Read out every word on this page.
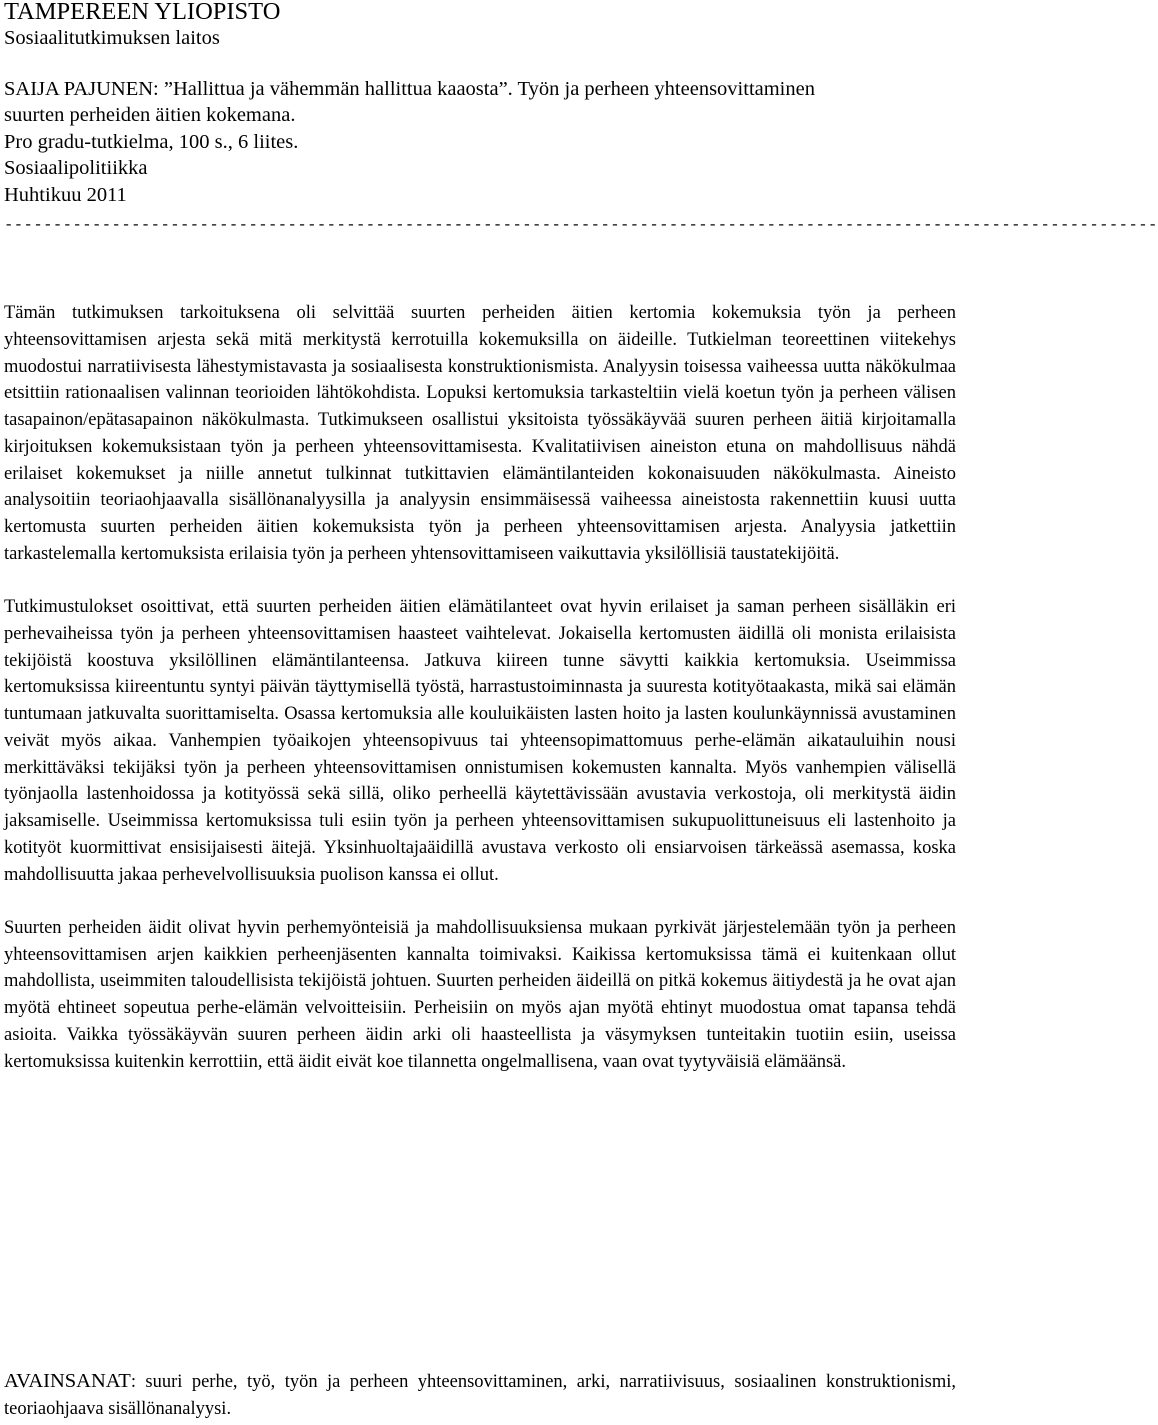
TAMPEREEN YLIOPISTO
Sosiaalitutkimuksen laitos
SAIJA PAJUNEN: ”Hallittua ja vähemmän hallittua kaaosta”. Työn ja perheen yhteensovittaminen
suurten perheiden äitien kokemana.
Pro gradu-tutkielma, 100 s., 6 liites.
Sosiaalipolitiikka
Huhtikuu 2011
----------------------------------------------------------------------------------------------------------------------

Tämän tutkimuksen tarkoituksena oli selvittää suurten perheiden äitien kertomia kokemuksia työn ja perheen yhteensovittamisen arjesta sekä mitä merkitystä kerrotuilla kokemuksilla on äideille. Tutkielman teoreettinen viitekehys muodostui narratiivisesta lähestymistavasta ja sosiaalisesta konstruktionismista. Analyysin toisessa vaiheessa uutta näkökulmaa etsittiin rationaalisen valinnan teorioiden lähtökohdista. Lopuksi kertomuksia tarkasteltiin vielä koetun työn ja perheen välisen tasapainon/epätasapainon näkökulmasta. Tutkimukseen osallistui yksitoista työssäkäyvää suuren perheen äitiä kirjoitamalla kirjoituksen kokemuksistaan työn ja perheen yhteensovittamisesta. Kvalitatiivisen aineiston etuna on mahdollisuus nähdä erilaiset kokemukset ja niille annetut tulkinnat tutkittavien elämäntilanteiden kokonaisuuden näkökulmasta. Aineisto analysoitiin teoriaohjaavalla sisällönanalyysilla ja analyysin ensimmäisessä vaiheessa aineistosta rakennettiin kuusi uutta kertomusta suurten perheiden äitien kokemuksista työn ja perheen yhteensovittamisen arjesta. Analyysia jatkettiin tarkastelemalla kertomuksista erilaisia työn ja perheen yhtensovittamiseen vaikuttavia yksilöllisiä taustatekijöitä.

Tutkimustulokset osoittivat, että suurten perheiden äitien elämätilanteet ovat hyvin erilaiset ja saman perheen sisälläkin eri perhevaiheissa työn ja perheen yhteensovittamisen haasteet vaihtelevat. Jokaisella kertomusten äidillä oli monista erilaisista tekijöistä koostuva yksilöllinen elämäntilanteensa. Jatkuva kiireen tunne sävytti kaikkia kertomuksia. Useimmissa kertomuksissa kiireentuntu syntyi päivän täyttymisellä työstä, harrastustoiminnasta ja suuresta kotityötaakasta, mikä sai elämän tuntumaan jatkuvalta suorittamiselta. Osassa kertomuksia alle kouluikäisten lasten hoito ja lasten koulunkäynnissä avustaminen veivät myös aikaa. Vanhempien työaikojen yhteensopivuus tai yhteensopimattomuus perhe-elämän aikatauluihin nousi merkittäväksi tekijäksi työn ja perheen yhteensovittamisen onnistumisen kokemusten kannalta. Myös vanhempien välisellä työnjaolla lastenhoidossa ja kotityössä sekä sillä, oliko perheellä käytettävissään avustavia verkostoja, oli merkitystä äidin jaksamiselle. Useimmissa kertomuksissa tuli esiin työn ja perheen yhteensovittamisen sukupuolittuneisuus eli lastenhoito ja kotityöt kuormittivat ensisijaisesti äitejä. Yksinhuoltajaäidillä avustava verkosto oli ensiarvoisen tärkeässä asemassa, koska mahdollisuutta jakaa perhevelvollisuuksia puolison kanssa ei ollut.

Suurten perheiden äidit olivat hyvin perhemyönteisiä ja mahdollisuuksiensa mukaan pyrkivät järjestelemään työn ja perheen yhteensovittamisen arjen kaikkien perheenjäsenten kannalta toimivaksi. Kaikissa kertomuksissa tämä ei kuitenkaan ollut mahdollista, useimmiten taloudellisista tekijöistä johtuen. Suurten perheiden äideillä on pitkä kokemus äitiydestä ja he ovat ajan myötä ehtineet sopeutua perhe-elämän velvoitteisiin. Perheisiin on myös ajan myötä ehtinyt muodostua omat tapansa tehdä asioita. Vaikka työssäkäyvän suuren perheen äidin arki oli haasteellista ja väsymyksen tunteitakin tuotiin esiin, useissa kertomuksissa kuitenkin kerrottiin, että äidit eivät koe tilannetta ongelmallisena, vaan ovat tyytyväisiä elämäänsä.

AVAINSANAT: suuri perhe, työ, työn ja perheen yhteensovittaminen, arki, narratiivisuus, sosiaalinen konstruktionismi, teoriaohjaava sisällönanalyysi.
